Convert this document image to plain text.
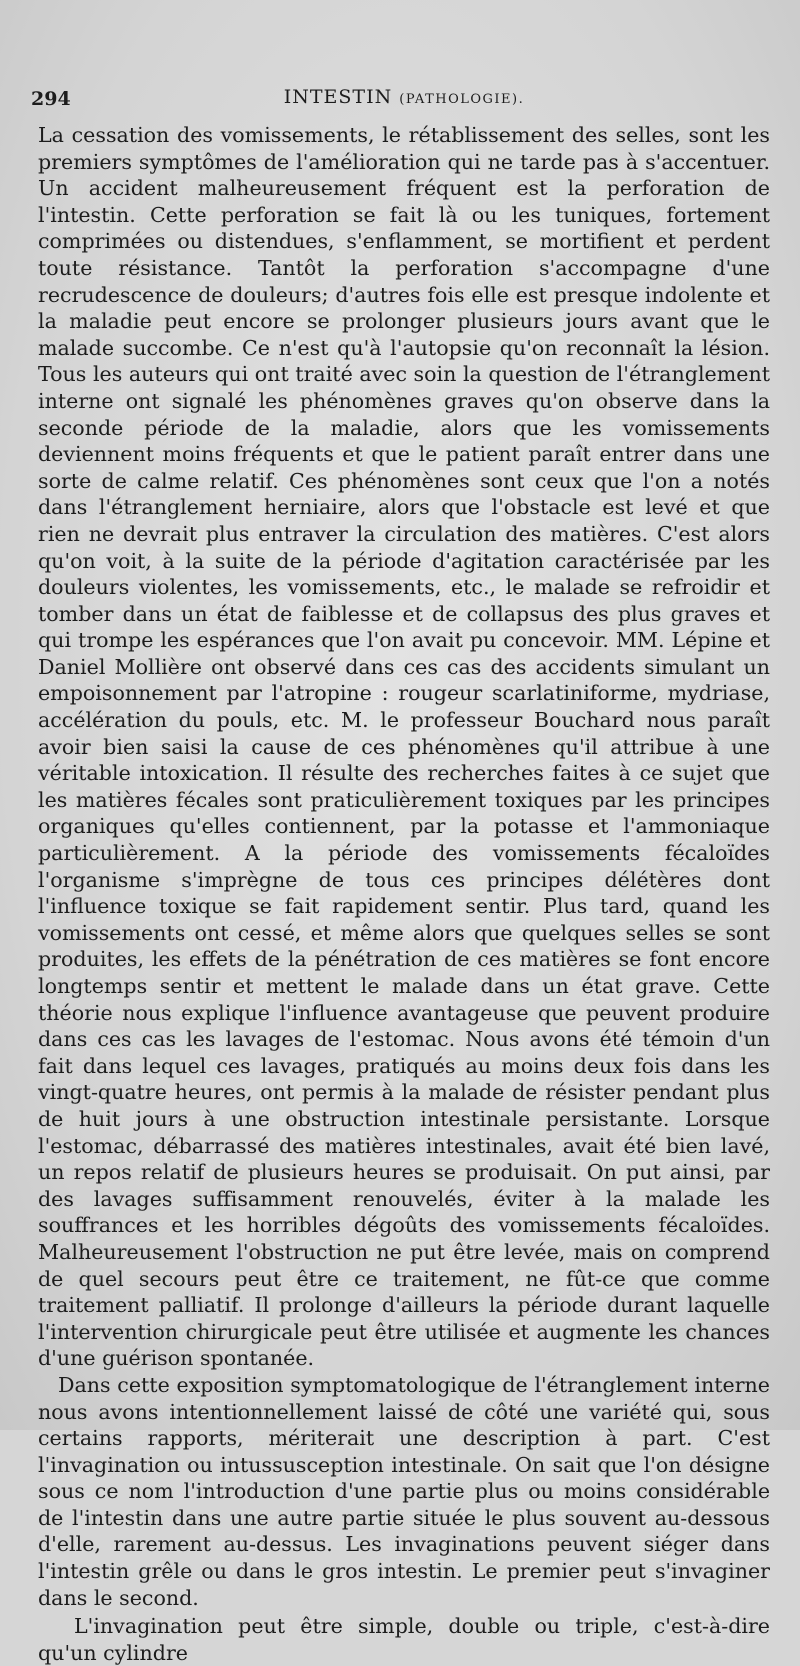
294	INTESTIN (PATHOLOGIE).

La cessation des vomissements, le rétablissement des selles, sont les premiers symptômes de l'amélioration qui ne tarde pas à s'accentuer. Un accident malheureusement fréquent est la perforation de l'intestin. Cette perforation se fait là ou les tuniques, fortement comprimées ou distendues, s'enflamment, se mortifient et perdent toute résistance. Tantôt la perforation s'accompagne d'une recrudescence de douleurs; d'autres fois elle est presque indolente et la maladie peut encore se prolonger plusieurs jours avant que le malade succombe. Ce n'est qu'à l'autopsie qu'on reconnaît la lésion. Tous les auteurs qui ont traité avec soin la question de l'étranglement interne ont signalé les phénomènes graves qu'on observe dans la seconde période de la maladie, alors que les vomissements deviennent moins fréquents et que le patient paraît entrer dans une sorte de calme relatif. Ces phénomènes sont ceux que l'on a notés dans l'étranglement herniaire, alors que l'obstacle est levé et que rien ne devrait plus entraver la circulation des matières. C'est alors qu'on voit, à la suite de la période d'agitation caractérisée par les douleurs violentes, les vomissements, etc., le malade se refroidir et tomber dans un état de faiblesse et de collapsus des plus graves et qui trompe les espérances que l'on avait pu concevoir. MM. Lépine et Daniel Mollière ont observé dans ces cas des accidents simulant un empoisonnement par l'atropine : rougeur scarlatiniforme, mydriase, accélération du pouls, etc. M. le professeur Bouchard nous paraît avoir bien saisi la cause de ces phénomènes qu'il attribue à une véritable intoxication. Il résulte des recherches faites à ce sujet que les matières fécales sont praticulièrement toxiques par les principes organiques qu'elles contiennent, par la potasse et l'ammoniaque particulièrement. A la période des vomissements fécaloïdes l'organisme s'imprègne de tous ces principes délétères dont l'influence toxique se fait rapidement sentir. Plus tard, quand les vomissements ont cessé, et même alors que quelques selles se sont produites, les effets de la pénétration de ces matières se font encore longtemps sentir et mettent le malade dans un état grave. Cette théorie nous explique l'influence avantageuse que peuvent produire dans ces cas les lavages de l'estomac. Nous avons été témoin d'un fait dans lequel ces lavages, pratiqués au moins deux fois dans les vingt-quatre heures, ont permis à la malade de résister pendant plus de huit jours à une obstruction intestinale persistante. Lorsque l'estomac, débarrassé des matières intestinales, avait été bien lavé, un repos relatif de plusieurs heures se produisait. On put ainsi, par des lavages suffisamment renouvelés, éviter à la malade les souffrances et les horribles dégoûts des vomissements fécaloïdes. Malheureusement l'obstruction ne put être levée, mais on comprend de quel secours peut être ce traitement, ne fût-ce que comme traitement palliatif. Il prolonge d'ailleurs la période durant laquelle l'intervention chirurgicale peut être utilisée et augmente les chances d'une guérison spontanée.

Dans cette exposition symptomatologique de l'étranglement interne nous avons intentionnellement laissé de côté une variété qui, sous certains rapports, mériterait une description à part. C'est l'invagination ou intussusception intestinale. On sait que l'on désigne sous ce nom l'introduction d'une partie plus ou moins considérable de l'intestin dans une autre partie située le plus souvent au-dessous d'elle, rarement au-dessus. Les invaginations peuvent siéger dans l'intestin grêle ou dans le gros intestin. Le premier peut s'invaginer dans le second.

L'invagination peut être simple, double ou triple, c'est-à-dire qu'un cylindre
